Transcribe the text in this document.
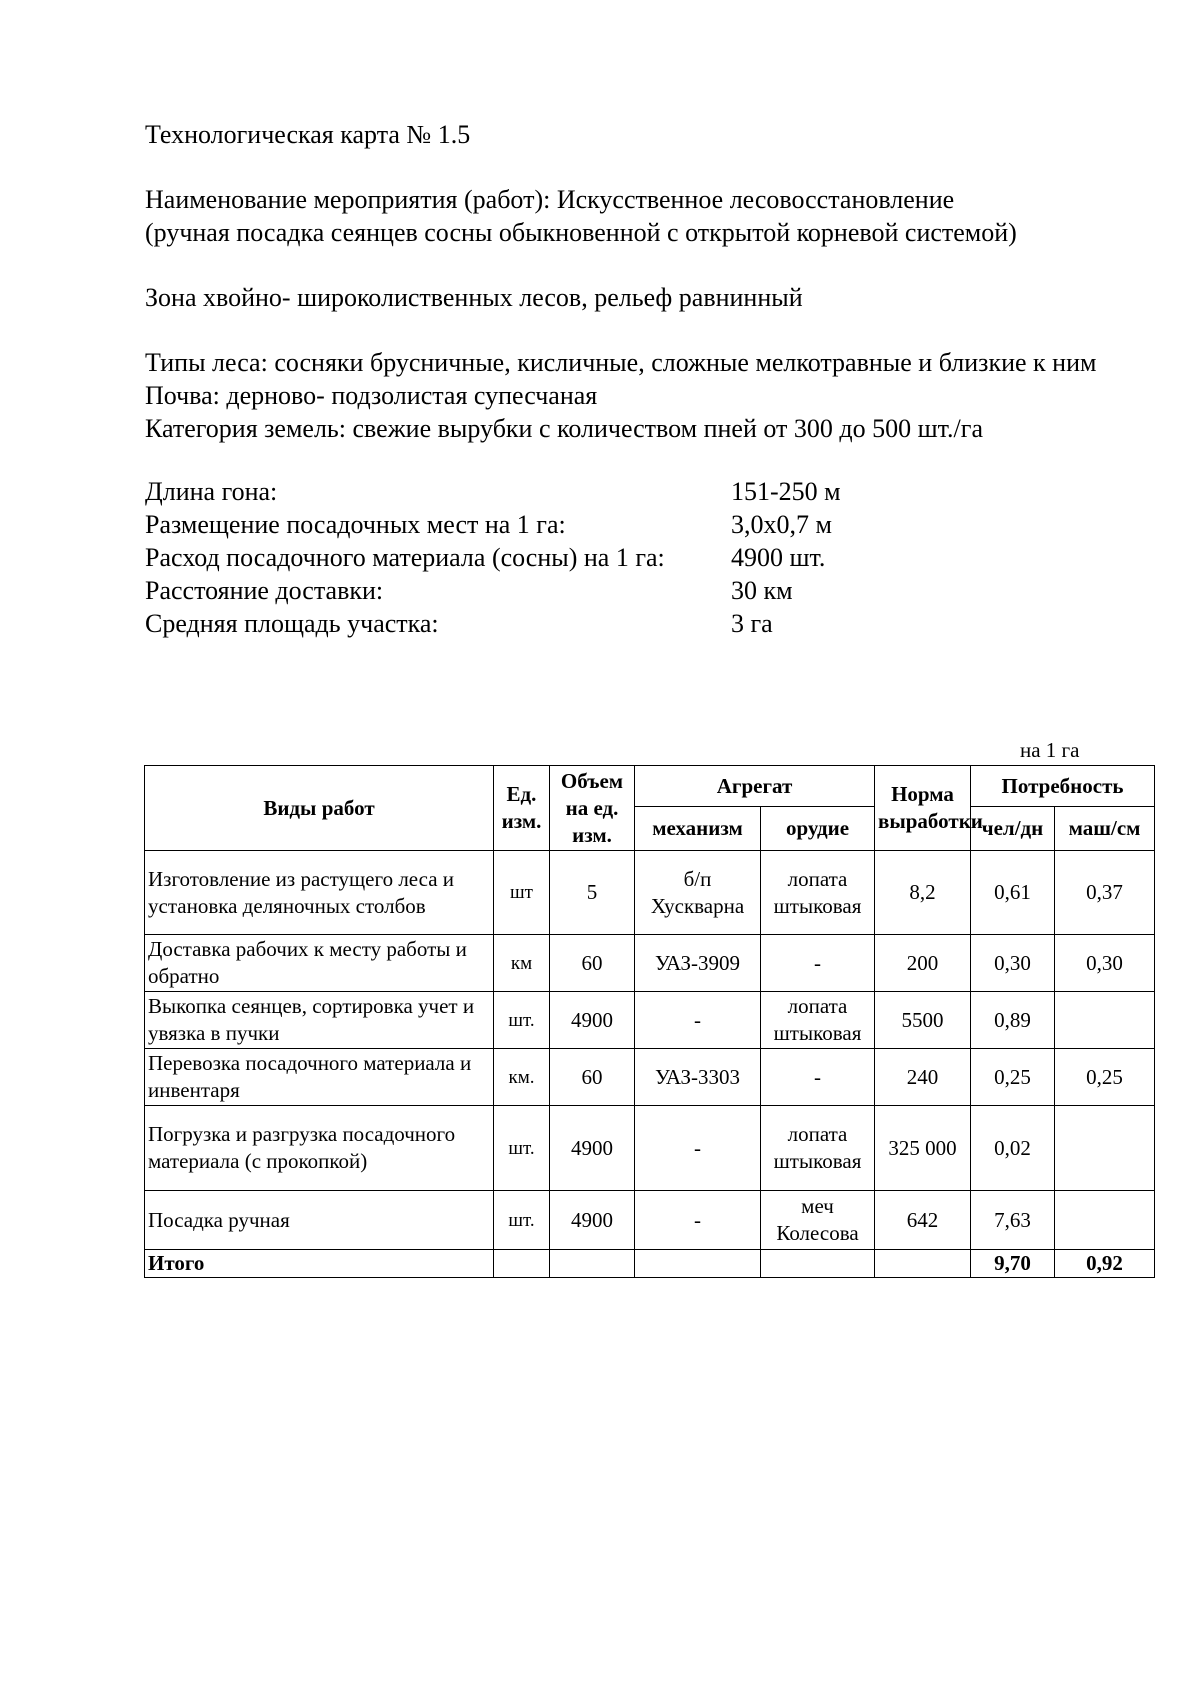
Технологическая карта № 1.5
Наименование мероприятия (работ): Искусственное лесовосстановление
(ручная посадка сеянцев сосны обыкновенной с открытой корневой системой)
Зона хвойно- широколиственных лесов, рельеф равнинный
Типы леса: сосняки брусничные, кисличные, сложные мелкотравные и близкие к ним
Почва: дерново- подзолистая супесчаная
Категория земель: свежие вырубки с количеством пней от 300 до 500 шт./га
Длина гона:	151-250 м
Размещение посадочных мест на 1 га:	3,0х0,7 м
Расход посадочного материала (сосны) на 1 га:	4900 шт.
Расстояние доставки:	30 км
Средняя площадь участка:	3 га
на 1 га
Виды работ	Ед. изм.	Объем на ед. изм.	Агрегат		Норма выработки	Потребность	
			механизм	орудие		чел/дн	маш/см
Изготовление из растущего леса и установка деляночных столбов	шт	5	б/п Хускварна	лопата штыковая	8,2	0,61	0,37
Доставка рабочих к месту работы и обратно	км	60	УАЗ-3909	-	200	0,30	0,30
Выкопка сеянцев, сортировка учет и увязка в пучки	шт.	4900	-	лопата штыковая	5500	0,89	
Перевозка посадочного материала и инвентаря	км.	60	УАЗ-3303	-	240	0,25	0,25
Погрузка и разгрузка посадочного материала (с прокопкой)	шт.	4900	-	лопата штыковая	325 000	0,02	
Посадка ручная	шт.	4900	-	меч Колесова	642	7,63	
Итого						9,70	0,92
